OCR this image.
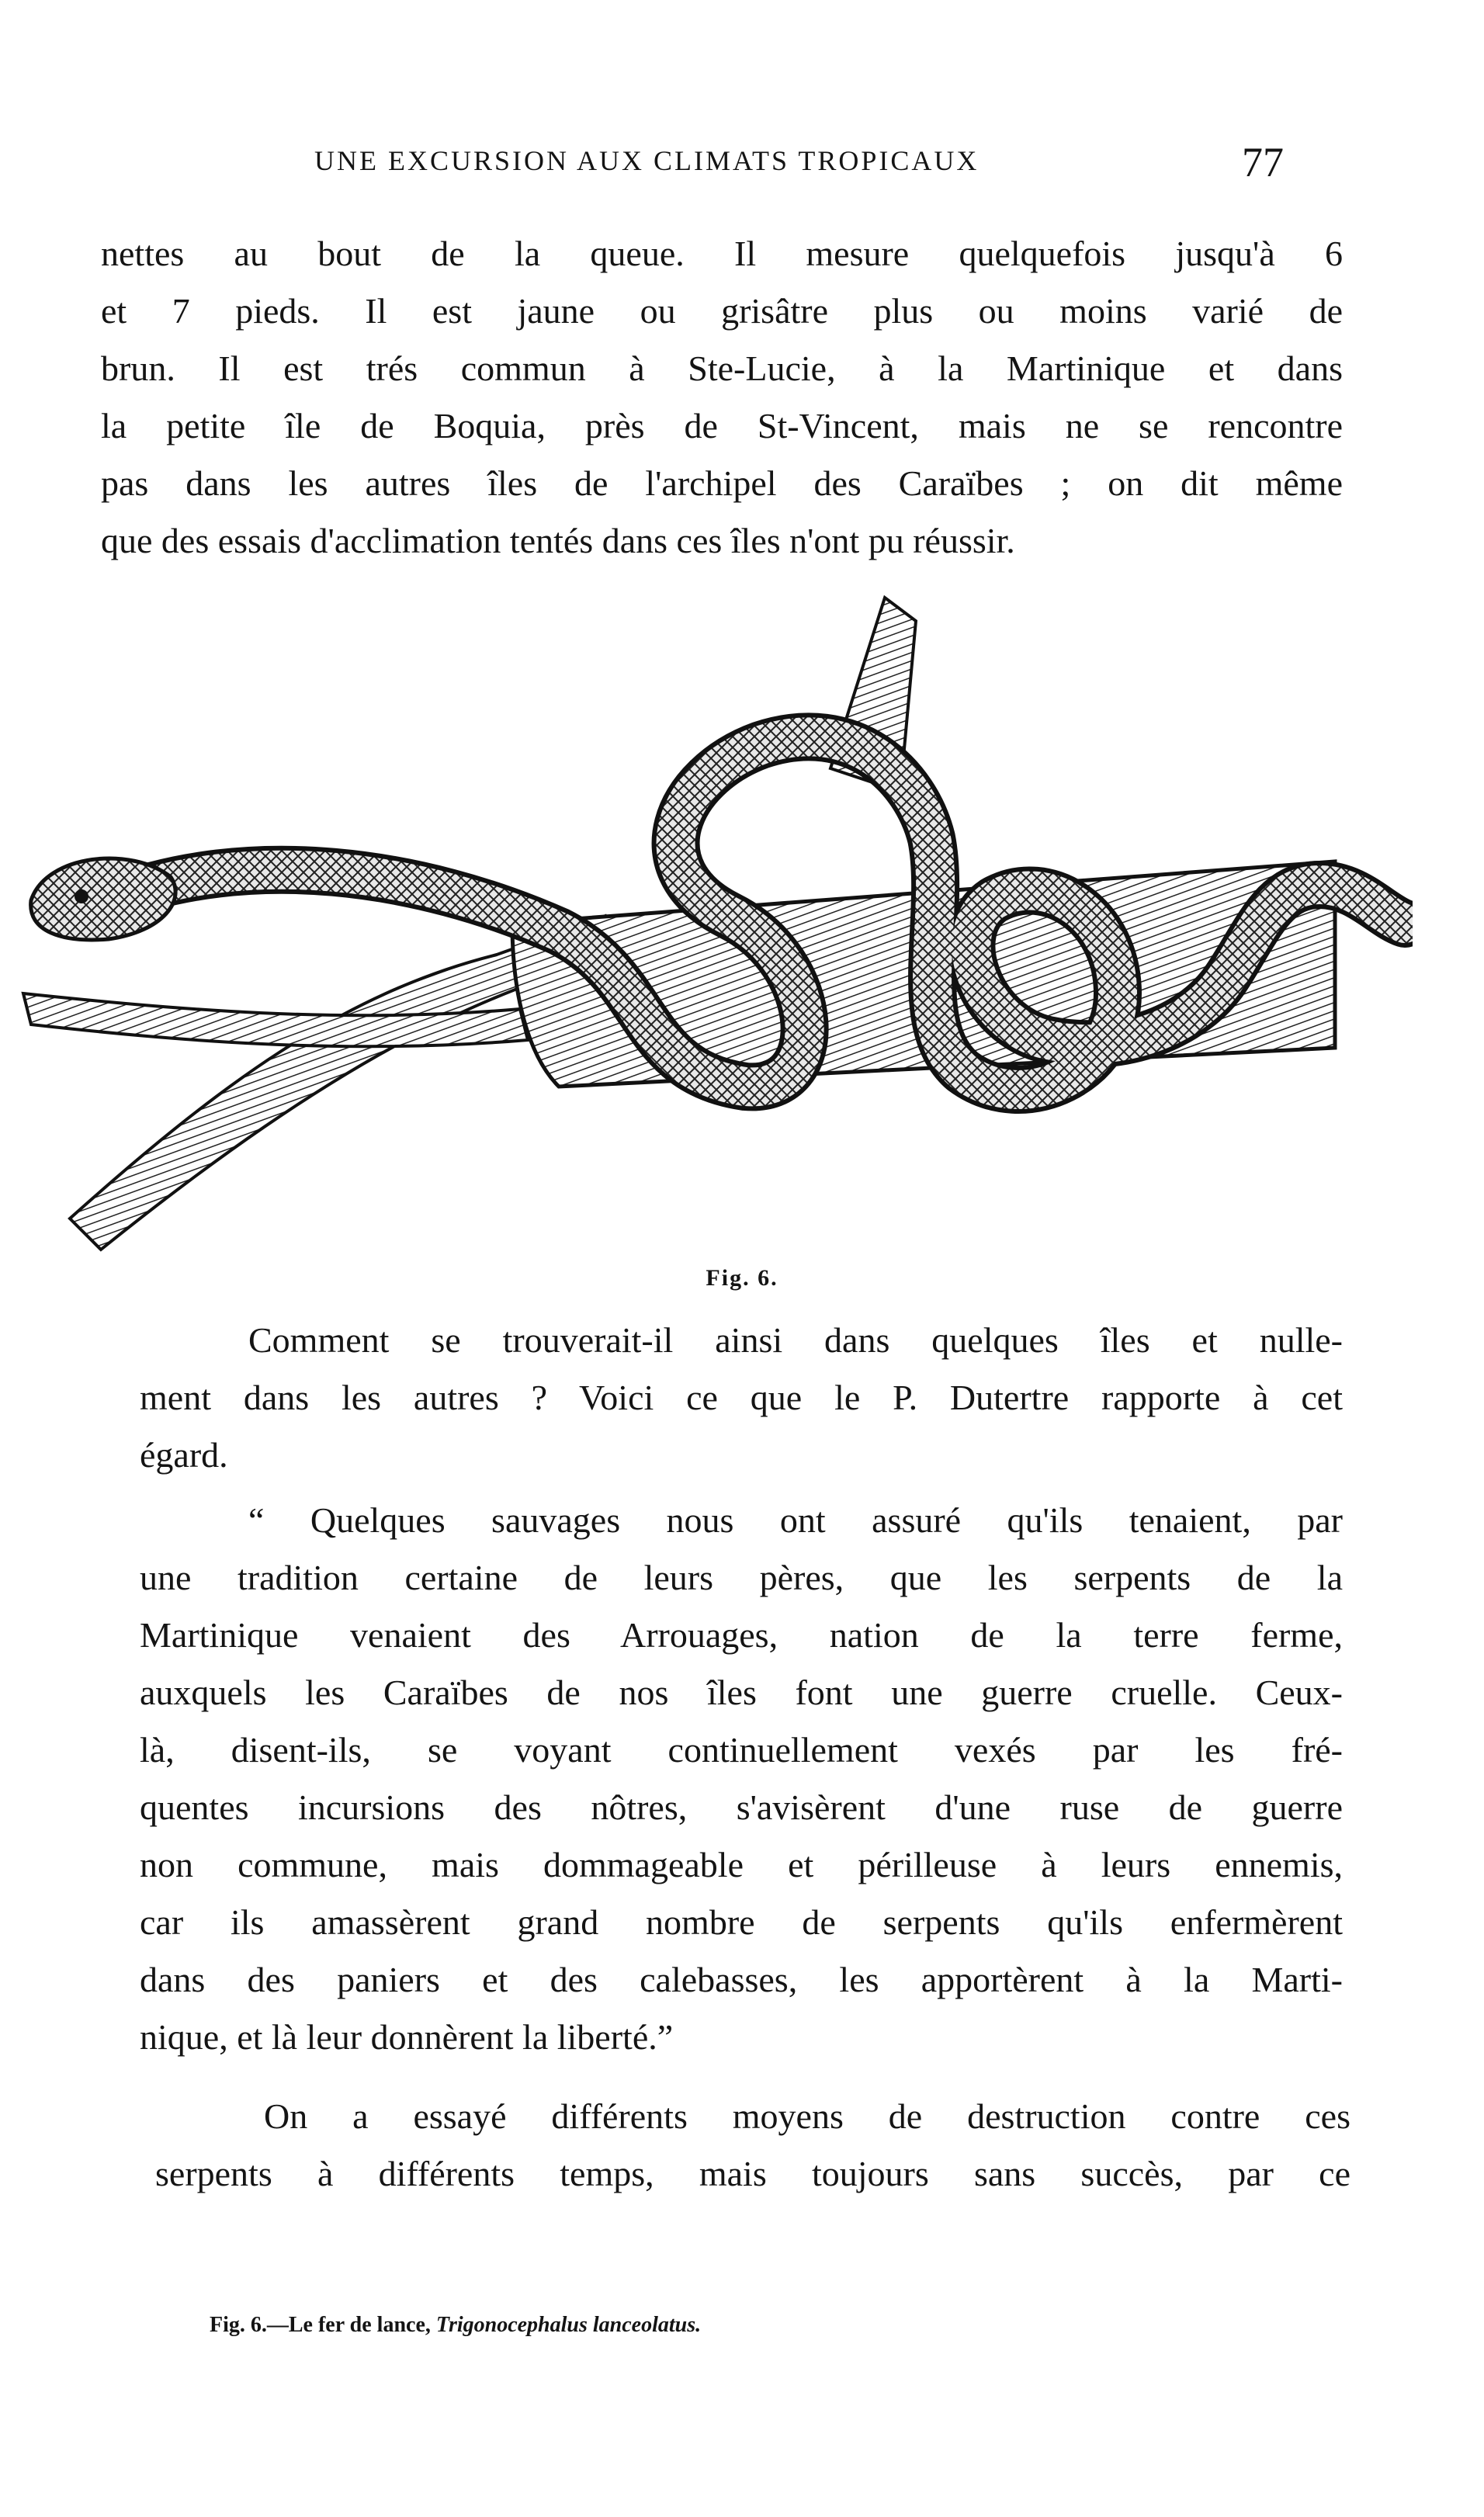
UNE EXCURSION AUX CLIMATS TROPICAUX	77
nettes au bout de la queue. Il mesure quelquefois jusqu'à 6
et 7 pieds. Il est jaune ou grisâtre plus ou moins varié de
brun. Il est trés commun à Ste-Lucie, à la Martinique et dans
la petite île de Boquia, près de St-Vincent, mais ne se rencontre
pas dans les autres îles de l'archipel des Caraïbes ; on dit même
que des essais d'acclimation tentés dans ces îles n'ont pu réussir.
Fig. 6.
Comment se trouverait-il ainsi dans quelques îles et nulle-
ment dans les autres ? Voici ce que le P. Dutertre rapporte à cet
égard.
“ Quelques sauvages nous ont assuré qu'ils tenaient, par
une tradition certaine de leurs pères, que les serpents de la
Martinique venaient des Arrouages, nation de la terre ferme,
auxquels les Caraïbes de nos îles font une guerre cruelle. Ceux-
là, disent-ils, se voyant continuellement vexés par les fré-
quentes incursions des nôtres, s'avisèrent d'une ruse de guerre
non commune, mais dommageable et périlleuse à leurs ennemis,
car ils amassèrent grand nombre de serpents qu'ils enfermèrent
dans des paniers et des calebasses, les apportèrent à la Marti-
nique, et là leur donnèrent la liberté.”
On a essayé différents moyens de destruction contre ces
serpents à différents temps, mais toujours sans succès, par ce
Fig. 6.—Le fer de lance, Trigonocephalus lanceolatus.
